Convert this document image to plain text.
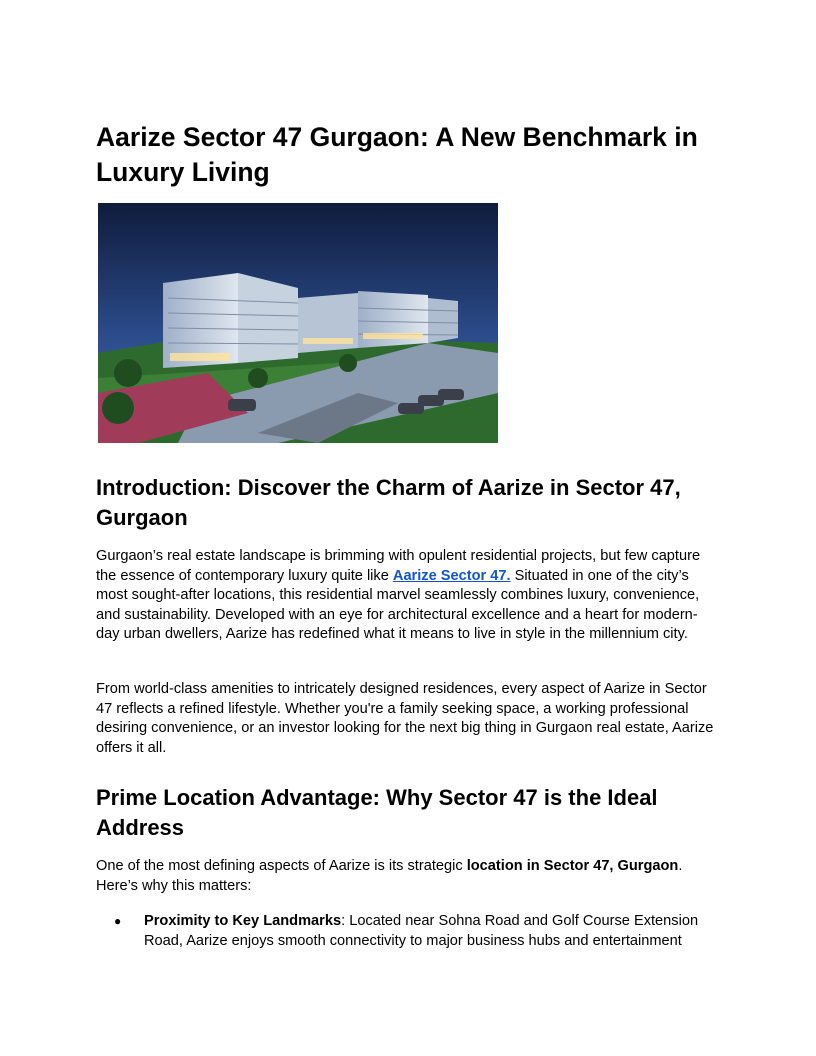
Aarize Sector 47 Gurgaon: A New Benchmark in Luxury Living
Introduction: Discover the Charm of Aarize in Sector 47, Gurgaon

Gurgaon’s real estate landscape is brimming with opulent residential projects, but few capture the essence of contemporary luxury quite like Aarize Sector 47. Situated in one of the city’s most sought-after locations, this residential marvel seamlessly combines luxury, convenience, and sustainability. Developed with an eye for architectural excellence and a heart for modern-day urban dwellers, Aarize has redefined what it means to live in style in the millennium city.

From world-class amenities to intricately designed residences, every aspect of Aarize in Sector 47 reflects a refined lifestyle. Whether you're a family seeking space, a working professional desiring convenience, or an investor looking for the next big thing in Gurgaon real estate, Aarize offers it all.

Prime Location Advantage: Why Sector 47 is the Ideal Address

One of the most defining aspects of Aarize is its strategic location in Sector 47, Gurgaon. Here’s why this matters:

● Proximity to Key Landmarks: Located near Sohna Road and Golf Course Extension Road, Aarize enjoys smooth connectivity to major business hubs and entertainment
